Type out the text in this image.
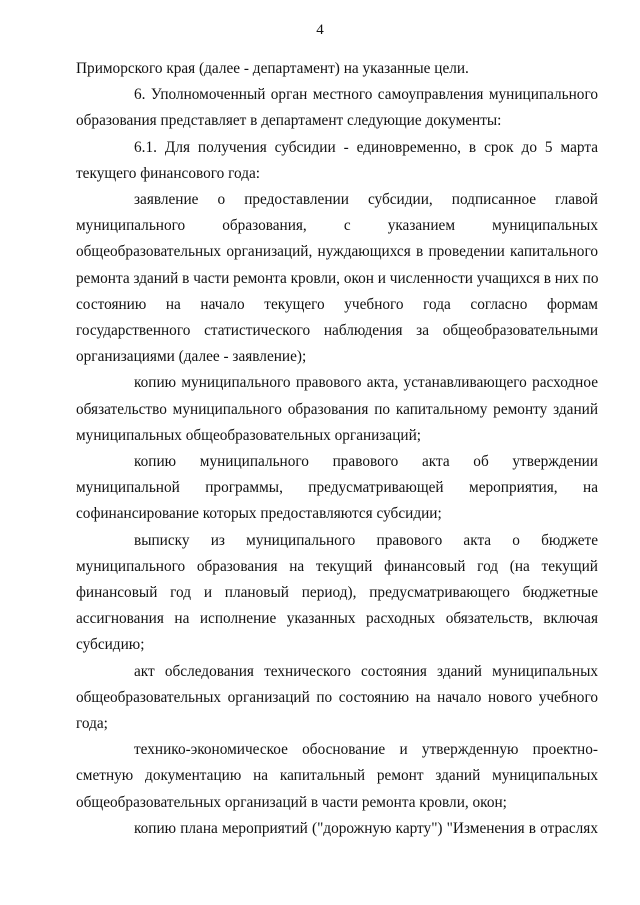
4
Приморского края (далее - департамент) на указанные цели.
6. Уполномоченный орган местного самоуправления муниципального
образования представляет в департамент следующие документы:
6.1. Для получения субсидии - единовременно, в срок до 5 марта
текущего финансового года:
заявление о предоставлении субсидии, подписанное главой
муниципального образования, с указанием муниципальных
общеобразовательных организаций, нуждающихся в проведении капитального
ремонта зданий в части ремонта кровли, окон и численности учащихся в них по
состоянию на начало текущего учебного года согласно формам
государственного статистического наблюдения за общеобразовательными
организациями (далее - заявление);
копию муниципального правового акта, устанавливающего расходное
обязательство муниципального образования по капитальному ремонту зданий
муниципальных общеобразовательных организаций;
копию муниципального правового акта об утверждении
муниципальной программы, предусматривающей мероприятия, на
софинансирование которых предоставляются субсидии;
выписку из муниципального правового акта о бюджете
муниципального образования на текущий финансовый год (на текущий
финансовый год и плановый период), предусматривающего бюджетные
ассигнования на исполнение указанных расходных обязательств, включая
субсидию;
акт обследования технического состояния зданий муниципальных
общеобразовательных организаций по состоянию на начало нового учебного
года;
технико-экономическое обоснование и утвержденную проектно-
сметную документацию на капитальный ремонт зданий муниципальных
общеобразовательных организаций в части ремонта кровли, окон;
копию плана мероприятий ("дорожную карту") "Изменения в отраслях
